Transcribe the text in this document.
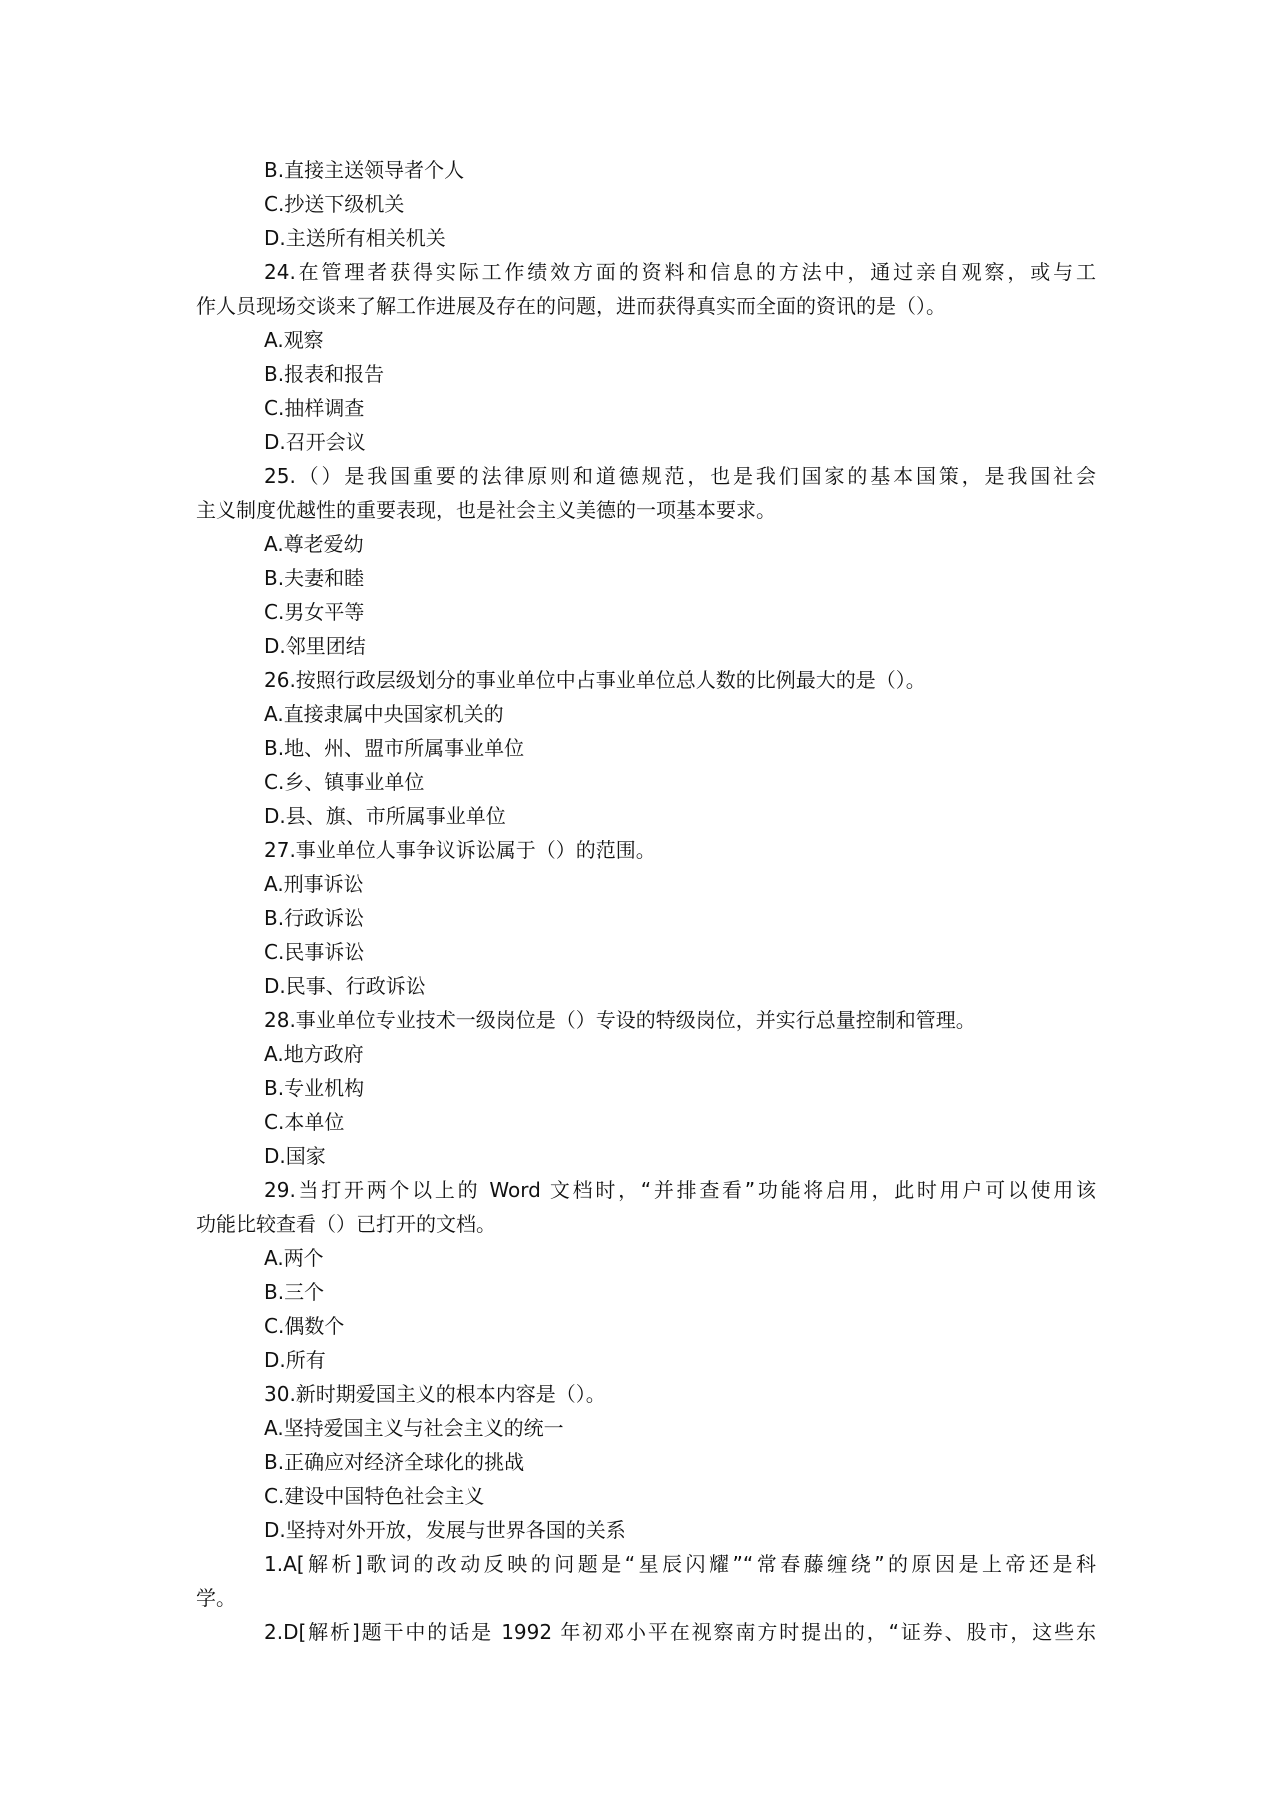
B.直接主送领导者个人
C.抄送下级机关
D.主送所有相关机关
24.在管理者获得实际工作绩效方面的资料和信息的方法中，通过亲自观察，或与工
作人员现场交谈来了解工作进展及存在的问题，进而获得真实而全面的资讯的是（）。
A.观察
B.报表和报告
C.抽样调查
D.召开会议
25.（）是我国重要的法律原则和道德规范，也是我们国家的基本国策，是我国社会
主义制度优越性的重要表现，也是社会主义美德的一项基本要求。
A.尊老爱幼
B.夫妻和睦
C.男女平等
D.邻里团结
26.按照行政层级划分的事业单位中占事业单位总人数的比例最大的是（）。
A.直接隶属中央国家机关的
B.地、州、盟市所属事业单位
C.乡、镇事业单位
D.县、旗、市所属事业单位
27.事业单位人事争议诉讼属于（）的范围。
A.刑事诉讼
B.行政诉讼
C.民事诉讼
D.民事、行政诉讼
28.事业单位专业技术一级岗位是（）专设的特级岗位，并实行总量控制和管理。
A.地方政府
B.专业机构
C.本单位
D.国家
29.当打开两个以上的 Word 文档时，“并排查看”功能将启用，此时用户可以使用该
功能比较查看（）已打开的文档。
A.两个
B.三个
C.偶数个
D.所有
30.新时期爱国主义的根本内容是（）。
A.坚持爱国主义与社会主义的统一
B.正确应对经济全球化的挑战
C.建设中国特色社会主义
D.坚持对外开放，发展与世界各国的关系
1.A[解析]歌词的改动反映的问题是“星辰闪耀”“常春藤缠绕”的原因是上帝还是科
学。
2.D[解析]题干中的话是 1992 年初邓小平在视察南方时提出的，“证券、股市，这些东
